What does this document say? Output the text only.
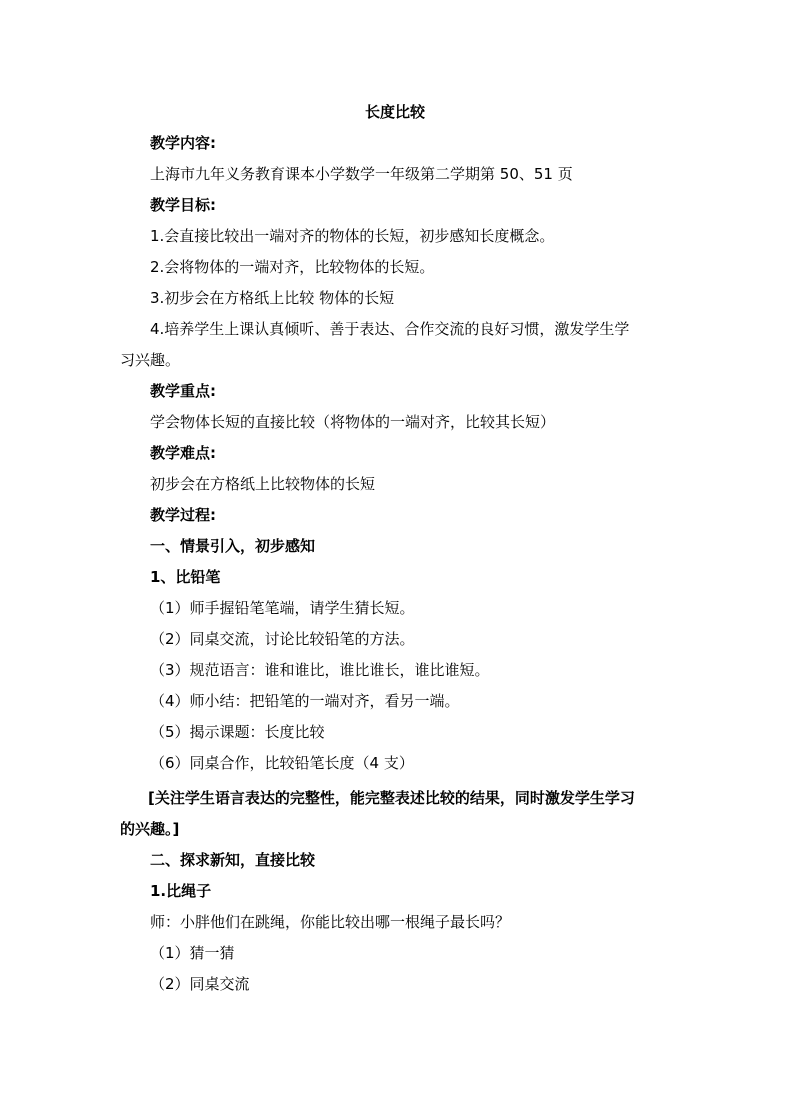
长度比较
教学内容:
上海市九年义务教育课本小学数学一年级第二学期第 50、51 页
教学目标:
1.会直接比较出一端对齐的物体的长短，初步感知长度概念。
2.会将物体的一端对齐，比较物体的长短。
3.初步会在方格纸上比较 物体的长短
4.培养学生上课认真倾听、善于表达、合作交流的良好习惯，激发学生学
习兴趣。
教学重点:
学会物体长短的直接比较（将物体的一端对齐，比较其长短）
教学难点:
初步会在方格纸上比较物体的长短
教学过程:
一、情景引入，初步感知
1、比铅笔
（1）师手握铅笔笔端，请学生猜长短。
（2）同桌交流，讨论比较铅笔的方法。
（3）规范语言：谁和谁比，谁比谁长，谁比谁短。
（4）师小结：把铅笔的一端对齐，看另一端。
（5）揭示课题：长度比较
（6）同桌合作，比较铅笔长度（4 支）
[关注学生语言表达的完整性，能完整表述比较的结果，同时激发学生学习
的兴趣。]
二、探求新知，直接比较
1.比绳子
师：小胖他们在跳绳，你能比较出哪一根绳子最长吗？
（1）猜一猜
（2）同桌交流
